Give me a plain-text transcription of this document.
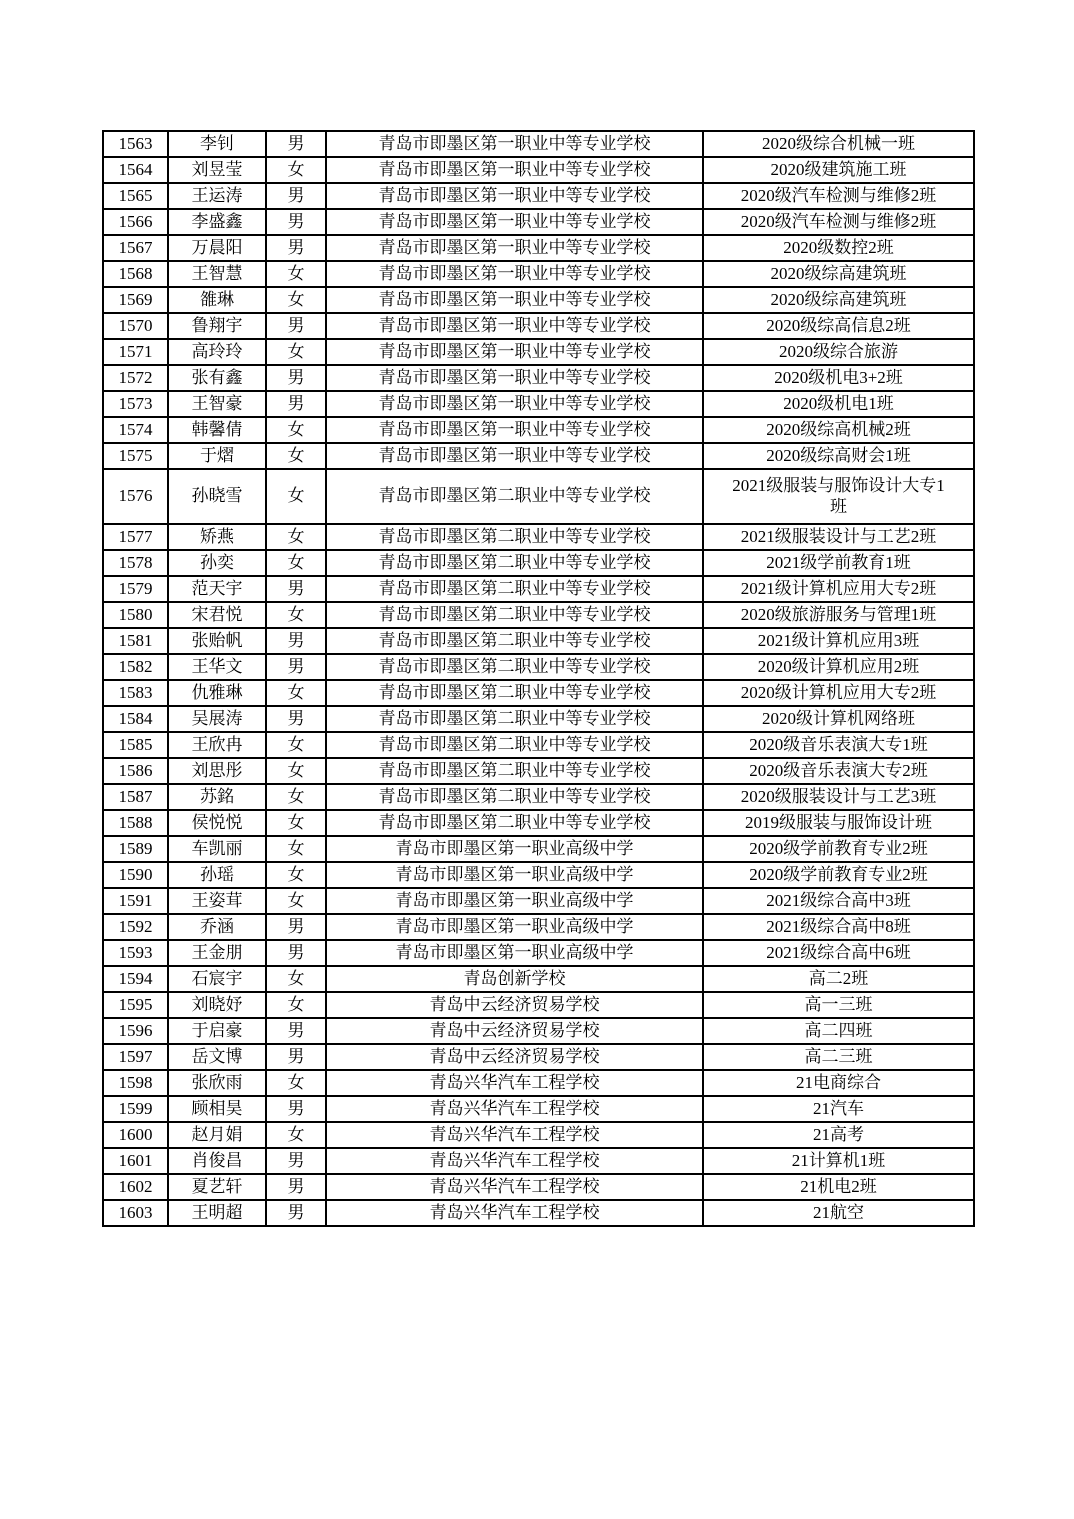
1563	李钊	男	青岛市即墨区第一职业中等专业学校	2020级综合机械一班
1564	刘昱莹	女	青岛市即墨区第一职业中等专业学校	2020级建筑施工班
1565	王运涛	男	青岛市即墨区第一职业中等专业学校	2020级汽车检测与维修2班
1566	李盛鑫	男	青岛市即墨区第一职业中等专业学校	2020级汽车检测与维修2班
1567	万晨阳	男	青岛市即墨区第一职业中等专业学校	2020级数控2班
1568	王智慧	女	青岛市即墨区第一职业中等专业学校	2020级综高建筑班
1569	雒琳	女	青岛市即墨区第一职业中等专业学校	2020级综高建筑班
1570	鲁翔宇	男	青岛市即墨区第一职业中等专业学校	2020级综高信息2班
1571	高玲玲	女	青岛市即墨区第一职业中等专业学校	2020级综合旅游
1572	张有鑫	男	青岛市即墨区第一职业中等专业学校	2020级机电3+2班
1573	王智豪	男	青岛市即墨区第一职业中等专业学校	2020级机电1班
1574	韩馨倩	女	青岛市即墨区第一职业中等专业学校	2020级综高机械2班
1575	于熠	女	青岛市即墨区第一职业中等专业学校	2020级综高财会1班
1576	孙晓雪	女	青岛市即墨区第二职业中等专业学校	2021级服装与服饰设计大专1班
1577	矫燕	女	青岛市即墨区第二职业中等专业学校	2021级服装设计与工艺2班
1578	孙奕	女	青岛市即墨区第二职业中等专业学校	2021级学前教育1班
1579	范天宇	男	青岛市即墨区第二职业中等专业学校	2021级计算机应用大专2班
1580	宋君悦	女	青岛市即墨区第二职业中等专业学校	2020级旅游服务与管理1班
1581	张贻帆	男	青岛市即墨区第二职业中等专业学校	2021级计算机应用3班
1582	王华文	男	青岛市即墨区第二职业中等专业学校	2020级计算机应用2班
1583	仇雅琳	女	青岛市即墨区第二职业中等专业学校	2020级计算机应用大专2班
1584	吴展涛	男	青岛市即墨区第二职业中等专业学校	2020级计算机网络班
1585	王欣冉	女	青岛市即墨区第二职业中等专业学校	2020级音乐表演大专1班
1586	刘思彤	女	青岛市即墨区第二职业中等专业学校	2020级音乐表演大专2班
1587	苏銘	女	青岛市即墨区第二职业中等专业学校	2020级服装设计与工艺3班
1588	侯悦悦	女	青岛市即墨区第二职业中等专业学校	2019级服装与服饰设计班
1589	车凯丽	女	青岛市即墨区第一职业高级中学	2020级学前教育专业2班
1590	孙瑶	女	青岛市即墨区第一职业高级中学	2020级学前教育专业2班
1591	王姿茸	女	青岛市即墨区第一职业高级中学	2021级综合高中3班
1592	乔涵	男	青岛市即墨区第一职业高级中学	2021级综合高中8班
1593	王金朋	男	青岛市即墨区第一职业高级中学	2021级综合高中6班
1594	石宸宇	女	青岛创新学校	高二2班
1595	刘晓妤	女	青岛中云经济贸易学校	高一三班
1596	于启豪	男	青岛中云经济贸易学校	高二四班
1597	岳文博	男	青岛中云经济贸易学校	高二三班
1598	张欣雨	女	青岛兴华汽车工程学校	21电商综合
1599	顾相昊	男	青岛兴华汽车工程学校	21汽车
1600	赵月娟	女	青岛兴华汽车工程学校	21高考
1601	肖俊昌	男	青岛兴华汽车工程学校	21计算机1班
1602	夏艺轩	男	青岛兴华汽车工程学校	21机电2班
1603	王明超	男	青岛兴华汽车工程学校	21航空
